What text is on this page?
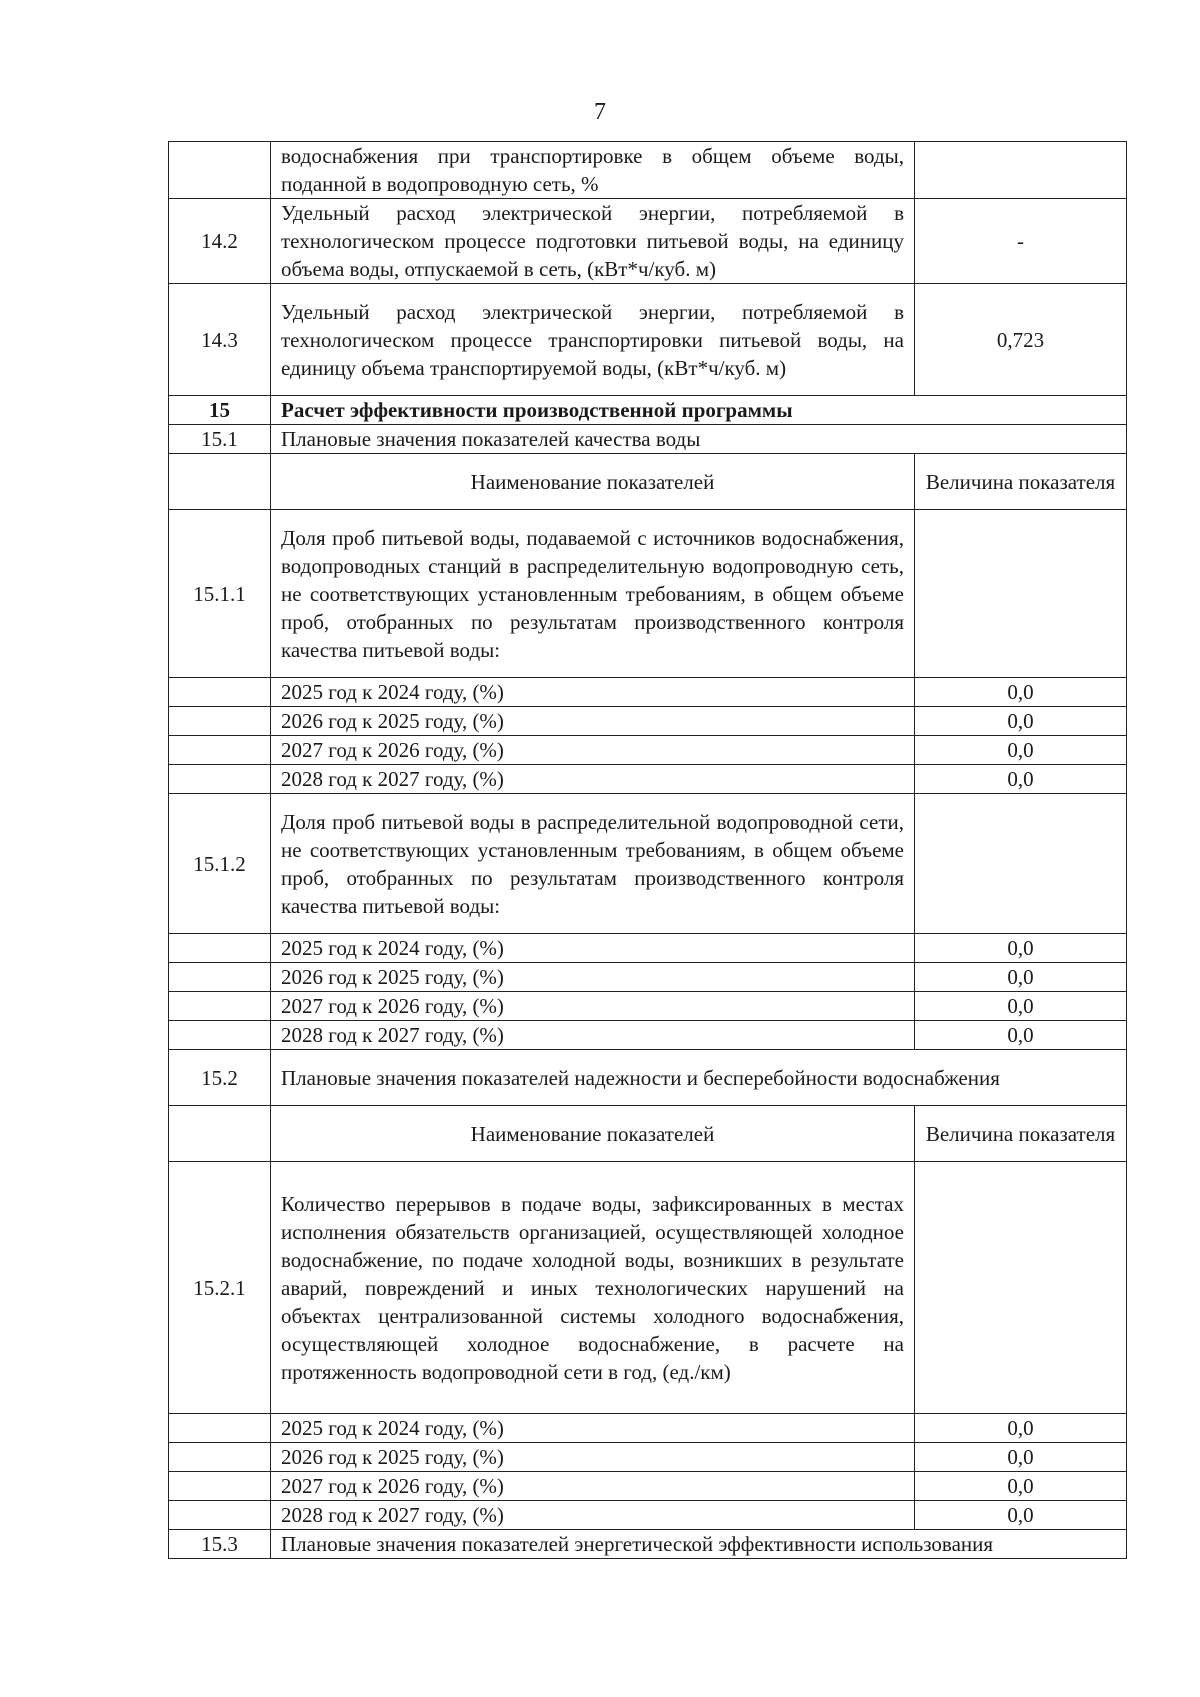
7
	водоснабжения при транспортировке в общем объеме воды, поданной в водопроводную сеть, %	
14.2	Удельный расход электрической энергии, потребляемой в технологическом процессе подготовки питьевой воды, на единицу объема воды, отпускаемой в сеть, (кВт*ч/куб. м)	-
14.3	Удельный расход электрической энергии, потребляемой в технологическом процессе транспортировки питьевой воды, на единицу объема транспортируемой воды, (кВт*ч/куб. м)	0,723
15	Расчет эффективности производственной программы	
15.1	Плановые значения показателей качества воды	
	Наименование показателей	Величина показателя
15.1.1	Доля проб питьевой воды, подаваемой с источников водоснабжения, водопроводных станций в распределительную водопроводную сеть, не соответствующих установленным требованиям, в общем объеме проб, отобранных по результатам производственного контроля качества питьевой воды:	
	2025 год к 2024 году, (%)	0,0
	2026 год к 2025 году, (%)	0,0
	2027 год к 2026 году, (%)	0,0
	2028 год к 2027 году, (%)	0,0
15.1.2	Доля проб питьевой воды в распределительной водопроводной сети, не соответствующих установленным требованиям, в общем объеме проб, отобранных по результатам производственного контроля качества питьевой воды:	
	2025 год к 2024 году, (%)	0,0
	2026 год к 2025 году, (%)	0,0
	2027 год к 2026 году, (%)	0,0
	2028 год к 2027 году, (%)	0,0
15.2	Плановые значения показателей надежности и бесперебойности водоснабжения	
	Наименование показателей	Величина показателя
15.2.1	Количество перерывов в подаче воды, зафиксированных в местах исполнения обязательств организацией, осуществляющей холодное водоснабжение, по подаче холодной воды, возникших в результате аварий, повреждений и иных технологических нарушений на объектах централизованной системы холодного водоснабжения, осуществляющей холодное водоснабжение, в расчете на протяженность водопроводной сети в год, (ед./км)	
	2025 год к 2024 году, (%)	0,0
	2026 год к 2025 году, (%)	0,0
	2027 год к 2026 году, (%)	0,0
	2028 год к 2027 году, (%)	0,0
15.3	Плановые значения показателей энергетической эффективности использования	
